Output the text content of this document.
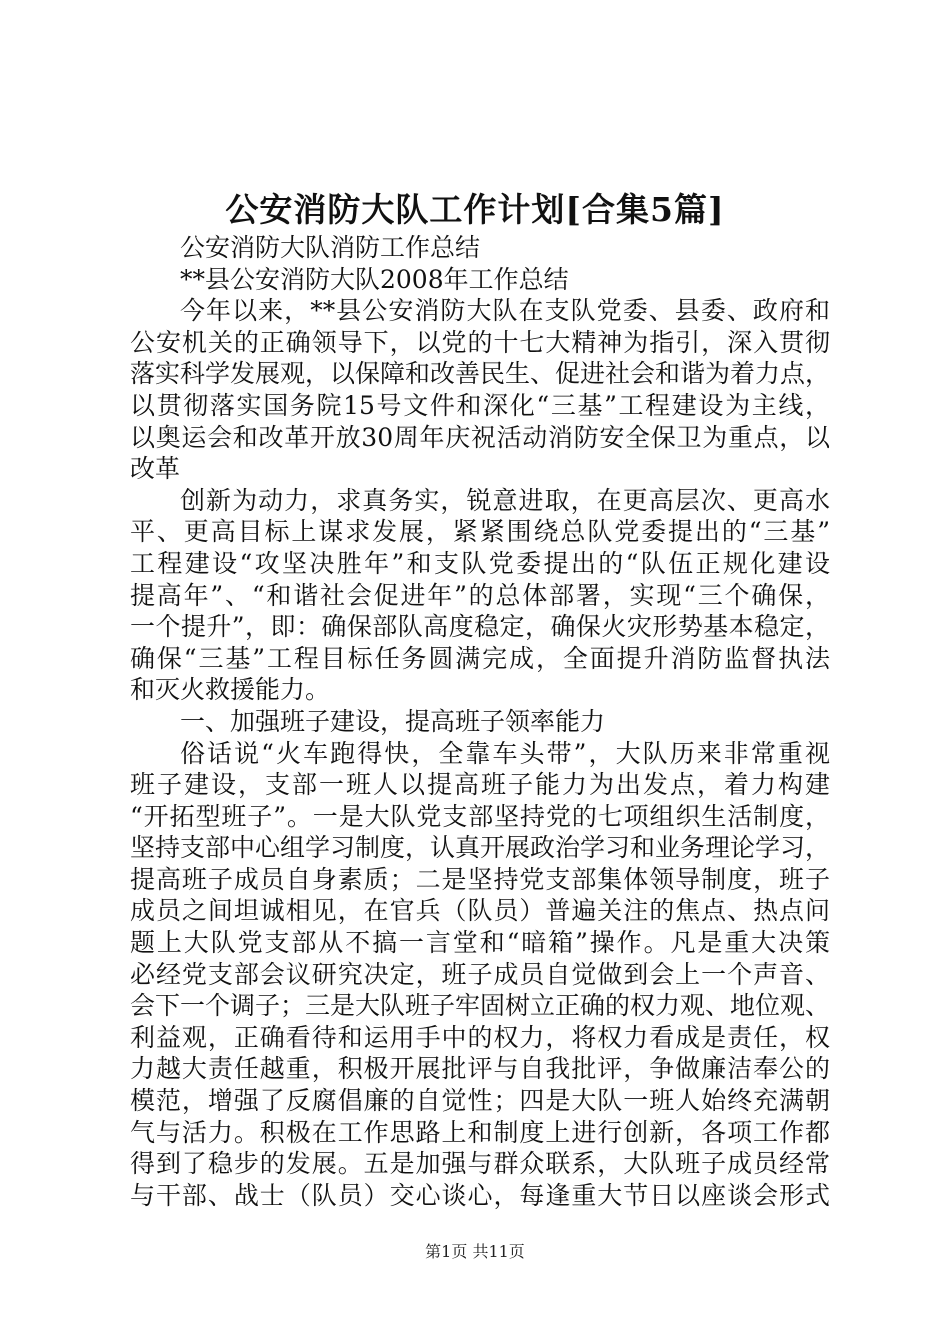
公安消防大队工作计划[合集5篇]
公安消防大队消防工作总结
**县公安消防大队2008年工作总结
今年以来，**县公安消防大队在支队党委、县委、政府和
公安机关的正确领导下，以党的十七大精神为指引，深入贯彻
落实科学发展观，以保障和改善民生、促进社会和谐为着力点，
以贯彻落实国务院15号文件和深化“三基”工程建设为主线，
以奥运会和改革开放30周年庆祝活动消防安全保卫为重点，以
改革
创新为动力，求真务实，锐意进取，在更高层次、更高水
平、更高目标上谋求发展，紧紧围绕总队党委提出的“三基”
工程建设“攻坚决胜年”和支队党委提出的“队伍正规化建设
提高年”、“和谐社会促进年”的总体部署，实现“三个确保，
一个提升”，即：确保部队高度稳定，确保火灾形势基本稳定，
确保“三基”工程目标任务圆满完成，全面提升消防监督执法
和灭火救援能力。
一、加强班子建设，提高班子领率能力
俗话说“火车跑得快，全靠车头带”，大队历来非常重视
班子建设，支部一班人以提高班子能力为出发点，着力构建
“开拓型班子”。一是大队党支部坚持党的七项组织生活制度，
坚持支部中心组学习制度，认真开展政治学习和业务理论学习，
提高班子成员自身素质；二是坚持党支部集体领导制度，班子
成员之间坦诚相见，在官兵（队员）普遍关注的焦点、热点问
题上大队党支部从不搞一言堂和“暗箱”操作。凡是重大决策
必经党支部会议研究决定，班子成员自觉做到会上一个声音、
会下一个调子；三是大队班子牢固树立正确的权力观、地位观、
利益观，正确看待和运用手中的权力，将权力看成是责任，权
力越大责任越重，积极开展批评与自我批评，争做廉洁奉公的
模范，增强了反腐倡廉的自觉性；四是大队一班人始终充满朝
气与活力。积极在工作思路上和制度上进行创新，各项工作都
得到了稳步的发展。五是加强与群众联系，大队班子成员经常
与干部、战士（队员）交心谈心，每逢重大节日以座谈会形式
第1页 共11页
